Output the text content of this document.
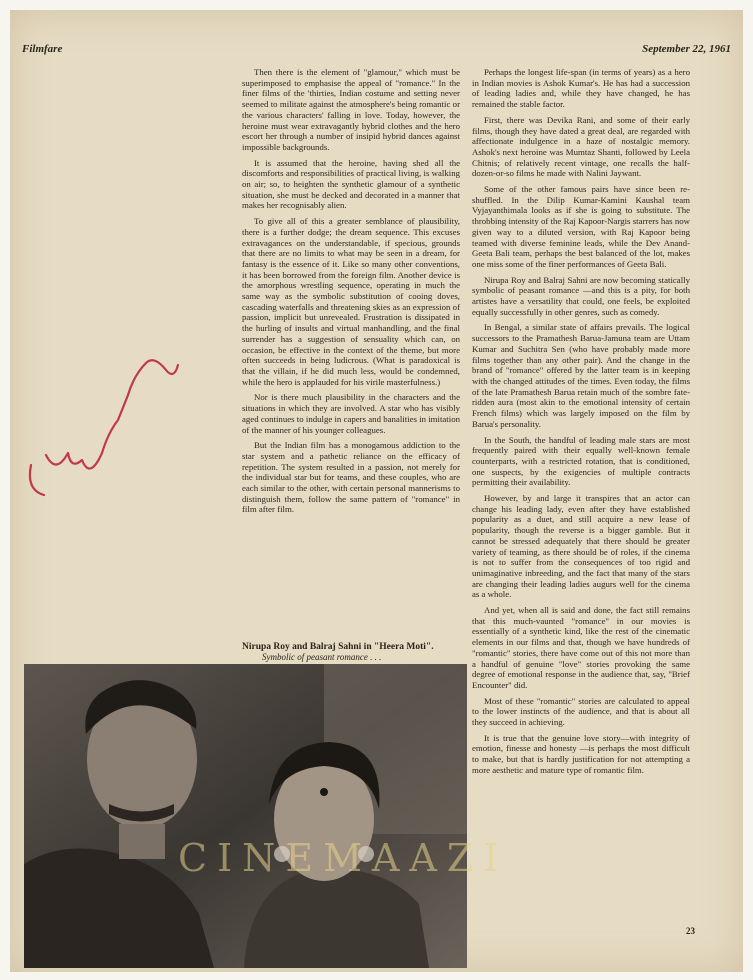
Filmfare	September 22, 1961

Then there is the element of "glamour," which must be superimposed to emphasise the appeal of "romance." In the finer films of the 'thirties, Indian costume and setting never seemed to militate against the atmosphere's being romantic or the various characters' falling in love. Today, however, the heroine must wear extravagantly hybrid clothes and the hero escort her through a number of insipid hybrid dances against impossible backgrounds.

It is assumed that the heroine, having shed all the discomforts and responsibilities of practical living, is walking on air; so, to heighten the synthetic glamour of a synthetic situation, she must be decked and decorated in a manner that makes her recognisably alien.

To give all of this a greater semblance of plausibility, there is a further dodge; the dream sequence. This excuses extravagances on the understandable, if specious, grounds that there are no limits to what may be seen in a dream, for fantasy is the essence of it. Like so many other conventions, it has been borrowed from the foreign film. Another device is the amorphous wrestling sequence, operating in much the same way as the symbolic substitution of cooing doves, cascading waterfalls and threatening skies as an expression of passion, implicit but unrevealed. Frustration is dissipated in the hurling of insults and virtual manhandling, and the final surrender has a suggestion of sensuality which can, on occasion, be effective in the context of the theme, but more often succeeds in being ludicrous. (What is paradoxical is that the villain, if he did much less, would be condemned, while the hero is applauded for his virile masterfulness.)

Nor is there much plausibility in the characters and the situations in which they are involved. A star who has visibly aged continues to indulge in capers and banalities in imitation of the manner of his younger colleagues.

But the Indian film has a monogamous addiction to the star system and a pathetic reliance on the efficacy of repetition. The system resulted in a passion, not merely for the individual star but for teams, and these couples, who are each similar to the other, with certain personal mannerisms to distinguish them, follow the same pattern of "romance" in film after film.

Perhaps the longest life-span (in terms of years) as a hero in Indian movies is Ashok Kumar's. He has had a succession of leading ladies and, while they have changed, he has remained the stable factor.

First, there was Devika Rani, and some of their early films, though they have dated a great deal, are regarded with affectionate indulgence in a haze of nostalgic memory. Ashok's next heroine was Mumtaz Shanti, followed by Leela Chitnis; of relatively recent vintage, one recalls the half-dozen-or-so films he made with Nalini Jaywant.

Some of the other famous pairs have since been re-shuffled. In the Dilip Kumar-Kamini Kaushal team Vyjayanthimala looks as if she is going to substitute. The throbbing intensity of the Raj Kapoor-Nargis starrers has now given way to a diluted version, with Raj Kapoor being teamed with diverse feminine leads, while the Dev Anand-Geeta Bali team, perhaps the best balanced of the lot, makes one miss some of the finer performances of Geeta Bali.

Nirupa Roy and Balraj Sahni are now becoming statically symbolic of peasant romance —and this is a pity, for both artistes have a versatility that could, one feels, be exploited equally successfully in other genres, such as comedy.

In Bengal, a similar state of affairs prevails. The logical successors to the Pramathesh Barua-Jamuna team are Uttam Kumar and Suchitra Sen (who have probably made more films together than any other pair). And the change in the brand of "romance" offered by the latter team is in keeping with the changed attitudes of the times. Even today, the films of the late Pramathesh Barua retain much of the sombre fate-ridden aura (most akin to the emotional intensity of certain French films) which was largely imposed on the film by Barua's personality.

In the South, the handful of leading male stars are most frequently paired with their equally well-known female counterparts, with a restricted rotation, that is conditioned, one suspects, by the exigencies of multiple contracts permitting their availability.

However, by and large it transpires that an actor can change his leading lady, even after they have established popularity as a duet, and still acquire a new lease of popularity, though the reverse is a bigger gamble. But it cannot be stressed adequately that there should be greater variety of teaming, as there should be of roles, if the cinema is not to suffer from the consequences of too rigid and unimaginative inbreeding, and the fact that many of the stars are changing their leading ladies augurs well for the cinema as a whole.

And yet, when all is said and done, the fact still remains that this much-vaunted "romance" in our movies is essentially of a synthetic kind, like the rest of the cinematic elements in our films and that, though we have hundreds of "romantic" stories, there have come out of this not more than a handful of genuine "love" stories provoking the same degree of emotional response in the audience that, say, "Brief Encounter" did.

Most of these "romantic" stories are calculated to appeal to the lower instincts of the audience, and that is about all they succeed in achieving.

It is true that the genuine love story—with integrity of emotion, finesse and honesty —is perhaps the most difficult to make, but that is hardly justification for not attempting a more aesthetic and mature type of romantic film.

Nirupa Roy and Balraj Sahni in "Heera Moti".
Symbolic of peasant romance . . .
CINEMAAZI
23
